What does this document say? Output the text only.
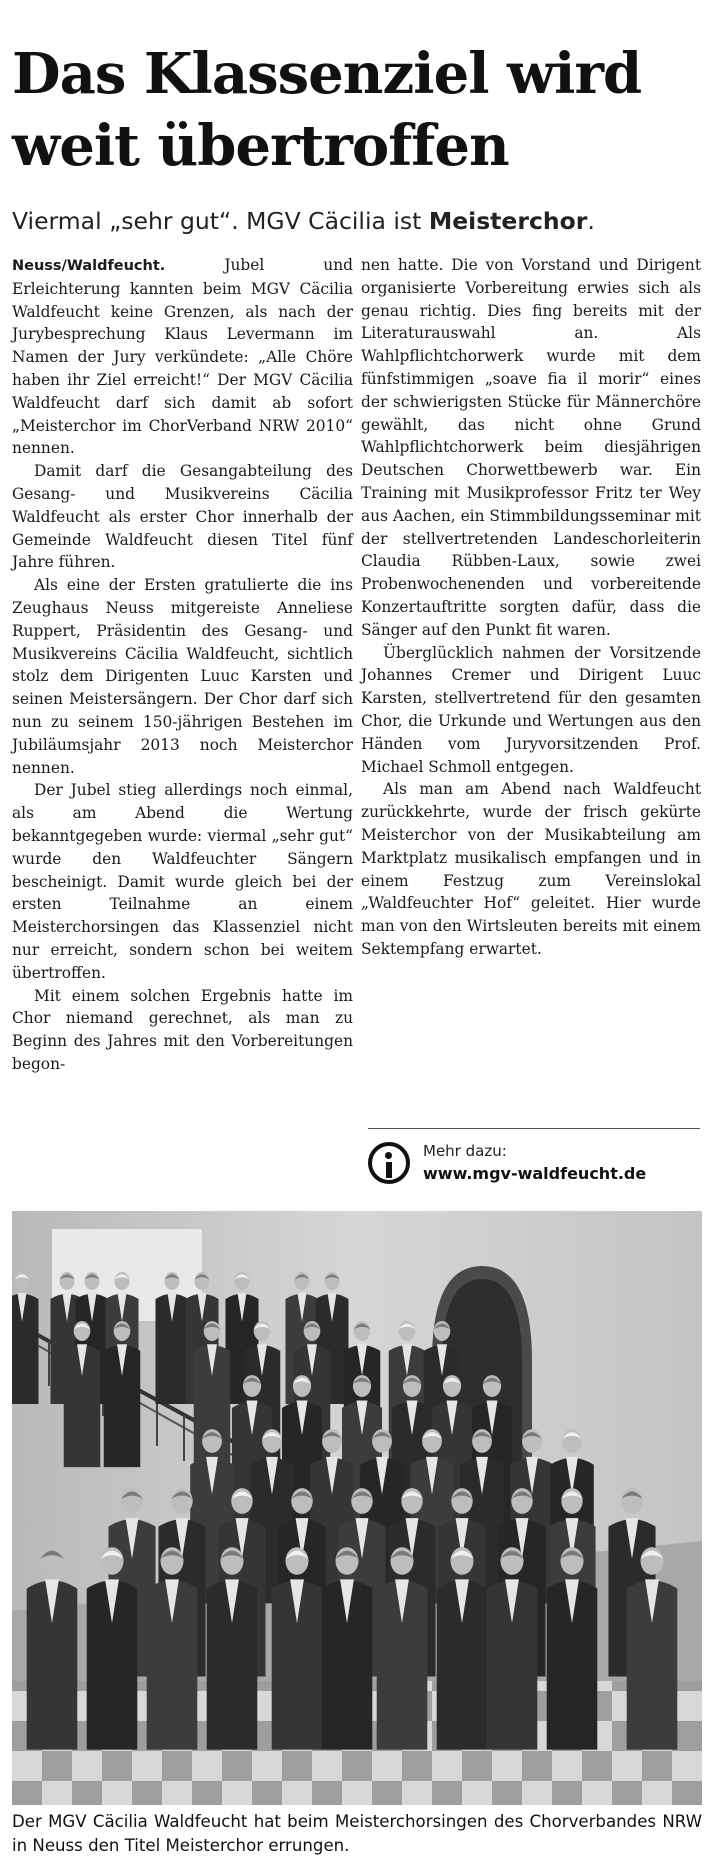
Das Klassenziel wird
weit übertroffen

Viermal „sehr gut“. MGV Cäcilia ist Meisterchor.

Neuss/Waldfeucht. Jubel und Erleichterung kannten beim MGV Cäcilia Waldfeucht keine Grenzen, als nach der Jurybesprechung Klaus Levermann im Namen der Jury verkündete: „Alle Chöre haben ihr Ziel erreicht!“ Der MGV Cäcilia Waldfeucht darf sich damit ab sofort „Meisterchor im ChorVerband NRW 2010“ nennen.

Damit darf die Gesangabteilung des Gesang- und Musikvereins Cäcilia Waldfeucht als erster Chor innerhalb der Gemeinde Waldfeucht diesen Titel fünf Jahre führen.

Als eine der Ersten gratulierte die ins Zeughaus Neuss mitgereiste Anneliese Ruppert, Präsidentin des Gesang- und Musikvereins Cäcilia Waldfeucht, sichtlich stolz dem Dirigenten Luuc Karsten und seinen Meistersängern. Der Chor darf sich nun zu seinem 150-jährigen Bestehen im Jubiläumsjahr 2013 noch Meisterchor nennen.

Der Jubel stieg allerdings noch einmal, als am Abend die Wertung bekanntgegeben wurde: viermal „sehr gut“ wurde den Waldfeuchter Sängern bescheinigt. Damit wurde gleich bei der ersten Teilnahme an einem Meisterchorsingen das Klassenziel nicht nur erreicht, sondern schon bei weitem übertroffen.

Mit einem solchen Ergebnis hatte im Chor niemand gerechnet, als man zu Beginn des Jahres mit den Vorbereitungen begon-

nen hatte. Die von Vorstand und Dirigent organisierte Vorbereitung erwies sich als genau richtig. Dies fing bereits mit der Literaturauswahl an. Als Wahlpflichtchorwerk wurde mit dem fünfstimmigen „soave fia il morir“ eines der schwierigsten Stücke für Männerchöre gewählt, das nicht ohne Grund Wahlpflichtchorwerk beim diesjährigen Deutschen Chorwettbewerb war. Ein Training mit Musikprofessor Fritz ter Wey aus Aachen, ein Stimmbildungsseminar mit der stellvertretenden Landeschorleiterin Claudia Rübben-Laux, sowie zwei Probenwochenenden und vorbereitende Konzertauftritte sorgten dafür, dass die Sänger auf den Punkt fit waren.

Überglücklich nahmen der Vorsitzende Johannes Cremer und Dirigent Luuc Karsten, stellvertretend für den gesamten Chor, die Urkunde und Wertungen aus den Händen vom Juryvorsitzenden Prof. Michael Schmoll entgegen.

Als man am Abend nach Waldfeucht zurückkehrte, wurde der frisch gekürte Meisterchor von der Musikabteilung am Marktplatz musikalisch empfangen und in einem Festzug zum Vereinslokal „Waldfeuchter Hof“ geleitet. Hier wurde man von den Wirtsleuten bereits mit einem Sektempfang erwartet.

Mehr dazu:
www.mgv-waldfeucht.de

Der MGV Cäcilia Waldfeucht hat beim Meisterchorsingen des Chorverbandes NRW in Neuss den Titel Meisterchor errungen.
